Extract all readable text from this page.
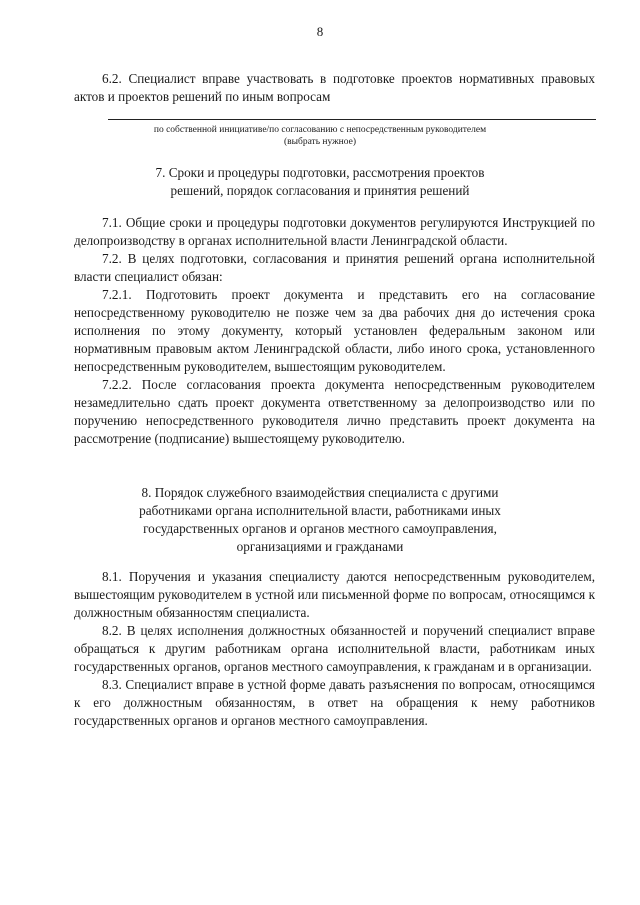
8

6.2. Специалист вправе участвовать в подготовке проектов нормативных правовых актов и проектов решений по иным вопросам

по собственной инициативе/по согласованию с непосредственным руководителем
(выбрать нужное)
7. Сроки и процедуры подготовки, рассмотрения проектов
решений, порядок согласования и принятия решений

7.1. Общие сроки и процедуры подготовки документов регулируются Инструкцией по делопроизводству в органах исполнительной власти Ленинградской области.

7.2. В целях подготовки, согласования и принятия решений органа исполнительной власти специалист обязан:

7.2.1. Подготовить проект документа и представить его на согласование непосредственному руководителю не позже чем за два рабочих дня до истечения срока исполнения по этому документу, который установлен федеральным законом или нормативным правовым актом Ленинградской области, либо иного срока, установленного непосредственным руководителем, вышестоящим руководителем.

7.2.2. После согласования проекта документа непосредственным руководителем незамедлительно сдать проект документа ответственному за делопроизводство или по поручению непосредственного руководителя лично представить проект документа на рассмотрение (подписание) вышестоящему руководителю.

8. Порядок служебного взаимодействия специалиста с другими
работниками органа исполнительной власти, работниками иных
государственных органов и органов местного самоуправления,
организациями и гражданами

8.1. Поручения и указания специалисту даются непосредственным руководителем, вышестоящим руководителем в устной или письменной форме по вопросам, относящимся к должностным обязанностям специалиста.

8.2. В целях исполнения должностных обязанностей и поручений специалист вправе обращаться к другим работникам органа исполнительной власти, работникам иных государственных органов, органов местного самоуправления, к гражданам и в организации.

8.3. Специалист вправе в устной форме давать разъяснения по вопросам, относящимся к его должностным обязанностям, в ответ на обращения к нему работников государственных органов и органов местного самоуправления.
